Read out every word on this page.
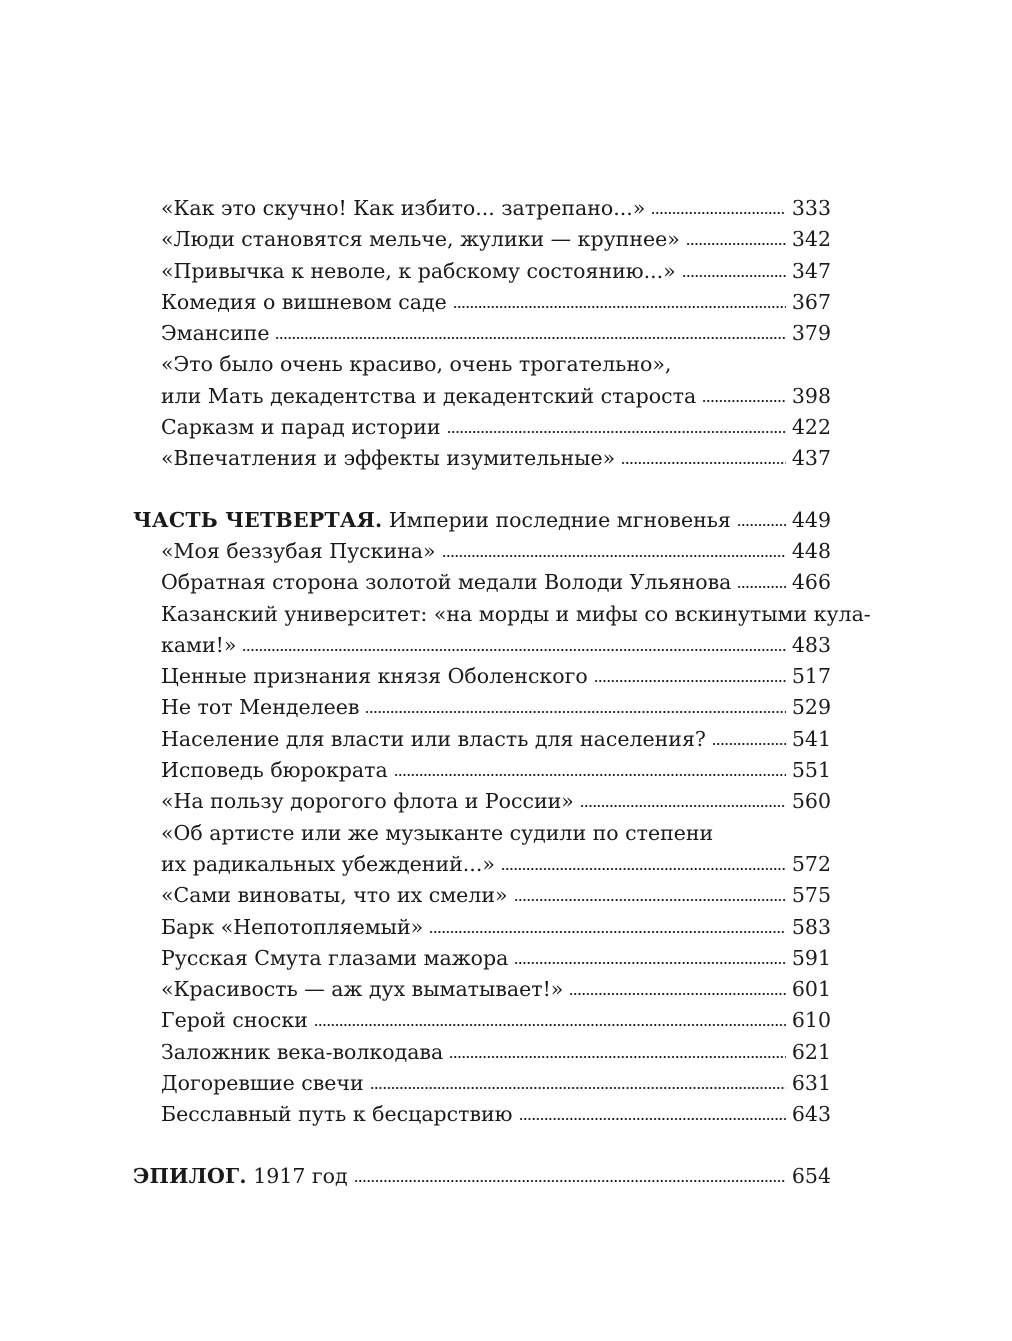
«Как это скучно! Как избито... затрепано...»	333
«Люди становятся мельче, жулики — крупнее»	342
«Привычка к неволе, к рабскому состоянию...»	347
Комедия о вишневом саде	367
Эмансипе	379
«Это было очень красиво, очень трогательно»,
или Мать декадентства и декадентский староста	398
Сарказм и парад истории	422
«Впечатления и эффекты изумительные»	437
ЧАСТЬ ЧЕТВЕРТАЯ. Империи последние мгновенья	449
«Моя беззубая Пускина»	448
Обратная сторона золотой медали Володи Ульянова	466
Казанский университет: «на морды и мифы со вскинутыми кула-
ками!»	483
Ценные признания князя Оболенского	517
Не тот Менделеев	529
Население для власти или власть для населения?	541
Исповедь бюрократа	551
«На пользу дорогого флота и России»	560
«Об артисте или же музыканте судили по степени
их радикальных убеждений...»	572
«Сами виноваты, что их смели»	575
Барк «Непотопляемый»	583
Русская Смута глазами мажора	591
«Красивость — аж дух выматывает!»	601
Герой сноски	610
Заложник века-волкодава	621
Догоревшие свечи	631
Бесславный путь к бесцарствию	643
ЭПИЛОГ. 1917 год	654
